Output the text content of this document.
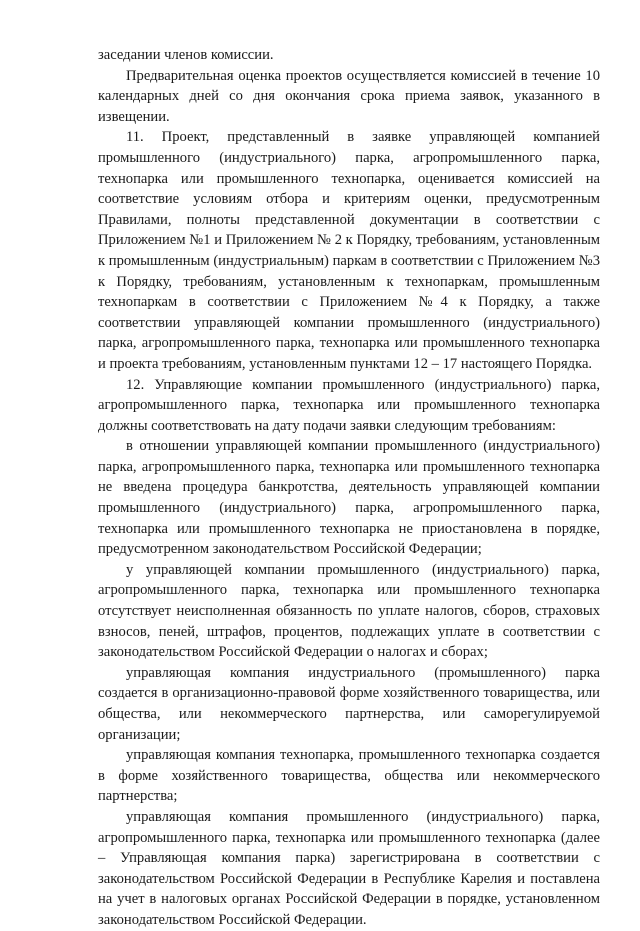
заседании членов комиссии.

Предварительная оценка проектов осуществляется комиссией в течение 10 календарных дней со дня окончания срока приема заявок, указанного в извещении.

11. Проект, представленный в заявке управляющей компанией промышленного (индустриального) парка, агропромышленного парка, технопарка или промышленного технопарка, оценивается комиссией на соответствие условиям отбора и критериям оценки, предусмотренным Правилами, полноты представленной документации в соответствии с Приложением №1 и Приложением № 2 к Порядку, требованиям, установленным к промышленным (индустриальным) паркам в соответствии с Приложением №3 к Порядку, требованиям, установленным к технопаркам, промышленным технопаркам в соответствии с Приложением №4 к Порядку, а также соответствии управляющей компании промышленного (индустриального) парка, агропромышленного парка, технопарка или промышленного технопарка и проекта требованиям, установленным пунктами 12 – 17 настоящего Порядка.

12. Управляющие компании промышленного (индустриального) парка, агропромышленного парка, технопарка или промышленного технопарка должны соответствовать на дату подачи заявки следующим требованиям:

в отношении управляющей компании промышленного (индустриального) парка, агропромышленного парка, технопарка или промышленного технопарка не введена процедура банкротства, деятельность управляющей компании промышленного (индустриального) парка, агропромышленного парка, технопарка или промышленного технопарка не приостановлена в порядке, предусмотренном законодательством Российской Федерации;

у управляющей компании промышленного (индустриального) парка, агропромышленного парка, технопарка или промышленного технопарка отсутствует неисполненная обязанность по уплате налогов, сборов, страховых взносов, пеней, штрафов, процентов, подлежащих уплате в соответствии с законодательством Российской Федерации о налогах и сборах;

управляющая компания индустриального (промышленного) парка создается в организационно-правовой форме хозяйственного товарищества, или общества, или некоммерческого партнерства, или саморегулируемой организации;

управляющая компания технопарка, промышленного технопарка создается в форме хозяйственного товарищества, общества или некоммерческого партнерства;

управляющая компания промышленного (индустриального) парка, агропромышленного парка, технопарка или промышленного технопарка (далее – Управляющая компания парка) зарегистрирована в соответствии с законодательством Российской Федерации в Республике Карелия и поставлена на учет в налоговых органах Российской Федерации в порядке, установленном законодательством Российской Федерации.
